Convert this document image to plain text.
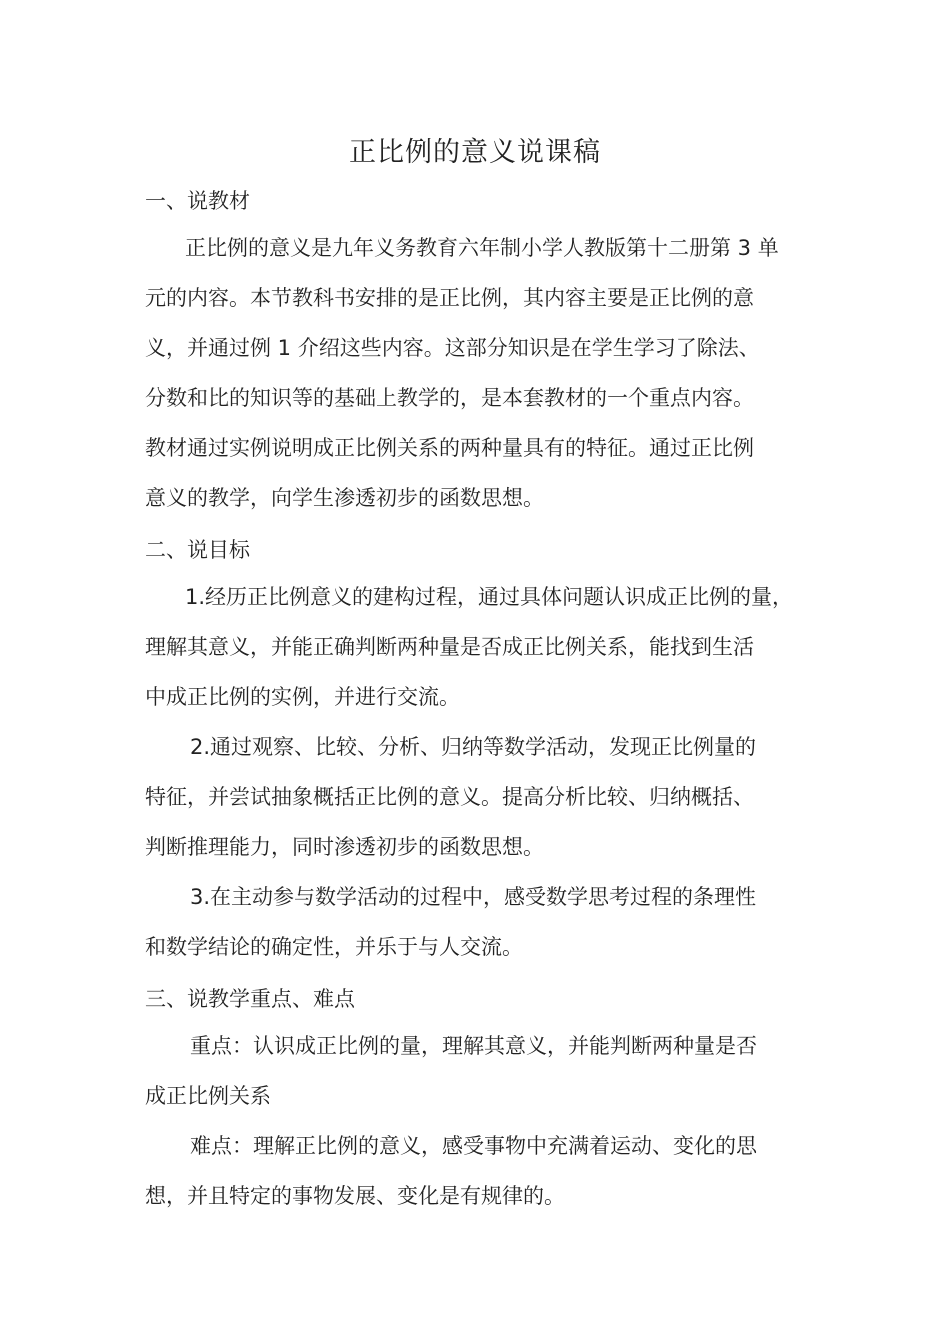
正比例的意义说课稿
一、说教材
正比例的意义是九年义务教育六年制小学人教版第十二册第 3 单
元的内容。本节教科书安排的是正比例，其内容主要是正比例的意
义，并通过例 1 介绍这些内容。这部分知识是在学生学习了除法、
分数和比的知识等的基础上教学的，是本套教材的一个重点内容。
教材通过实例说明成正比例关系的两种量具有的特征。通过正比例
意义的教学，向学生渗透初步的函数思想。
二、说目标
1.经历正比例意义的建构过程，通过具体问题认识成正比例的量，
理解其意义，并能正确判断两种量是否成正比例关系，能找到生活
中成正比例的实例，并进行交流。
2.通过观察、比较、分析、归纳等数学活动，发现正比例量的
特征，并尝试抽象概括正比例的意义。提高分析比较、归纳概括、
判断推理能力，同时渗透初步的函数思想。
3.在主动参与数学活动的过程中，感受数学思考过程的条理性
和数学结论的确定性，并乐于与人交流。
三、说教学重点、难点
重点：认识成正比例的量，理解其意义，并能判断两种量是否
成正比例关系
难点：理解正比例的意义，感受事物中充满着运动、变化的思
想，并且特定的事物发展、变化是有规律的。
